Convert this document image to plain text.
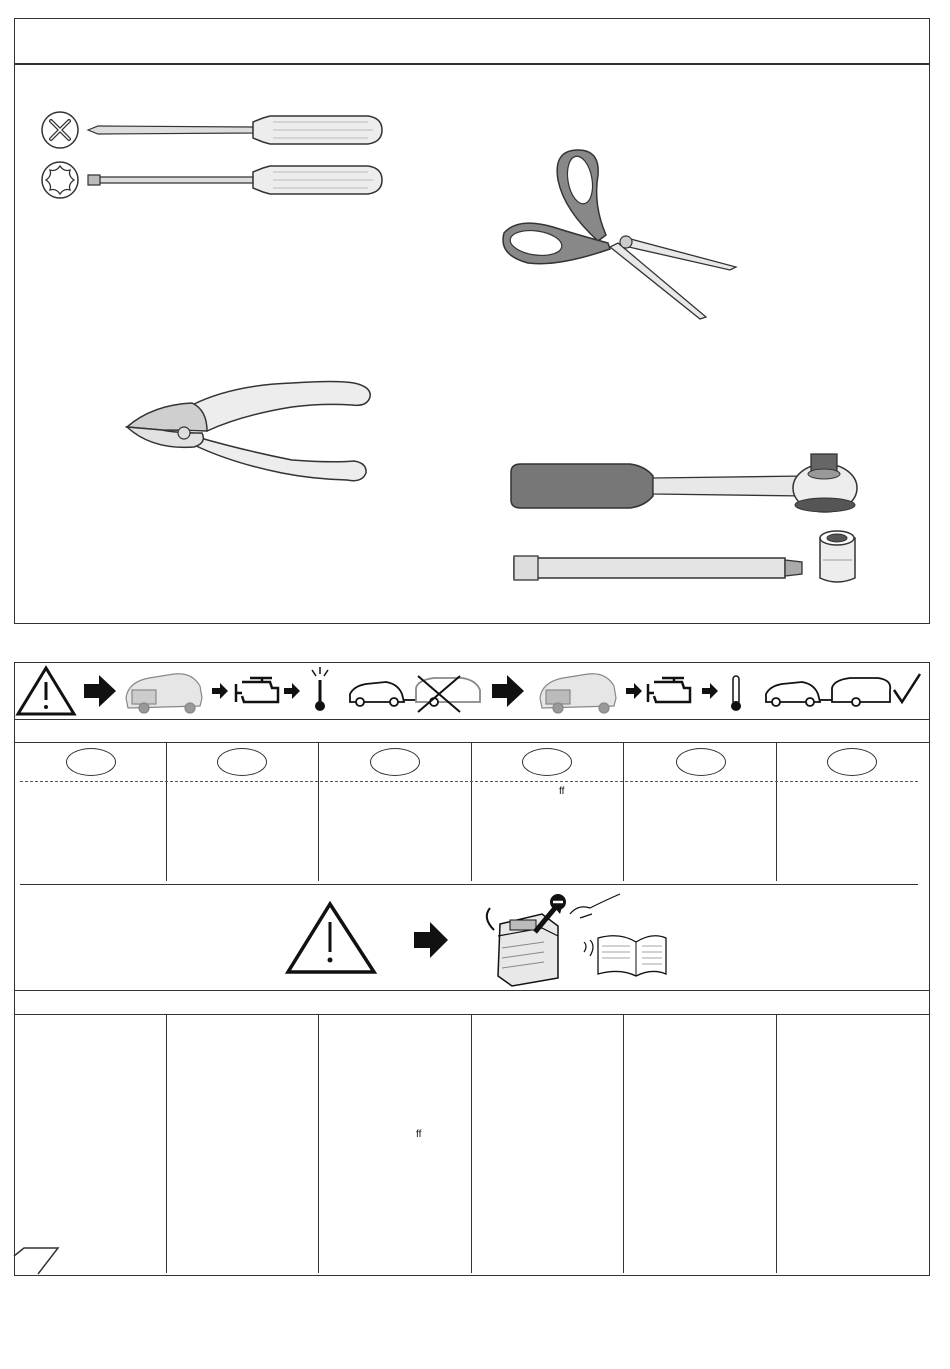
ff
ff
